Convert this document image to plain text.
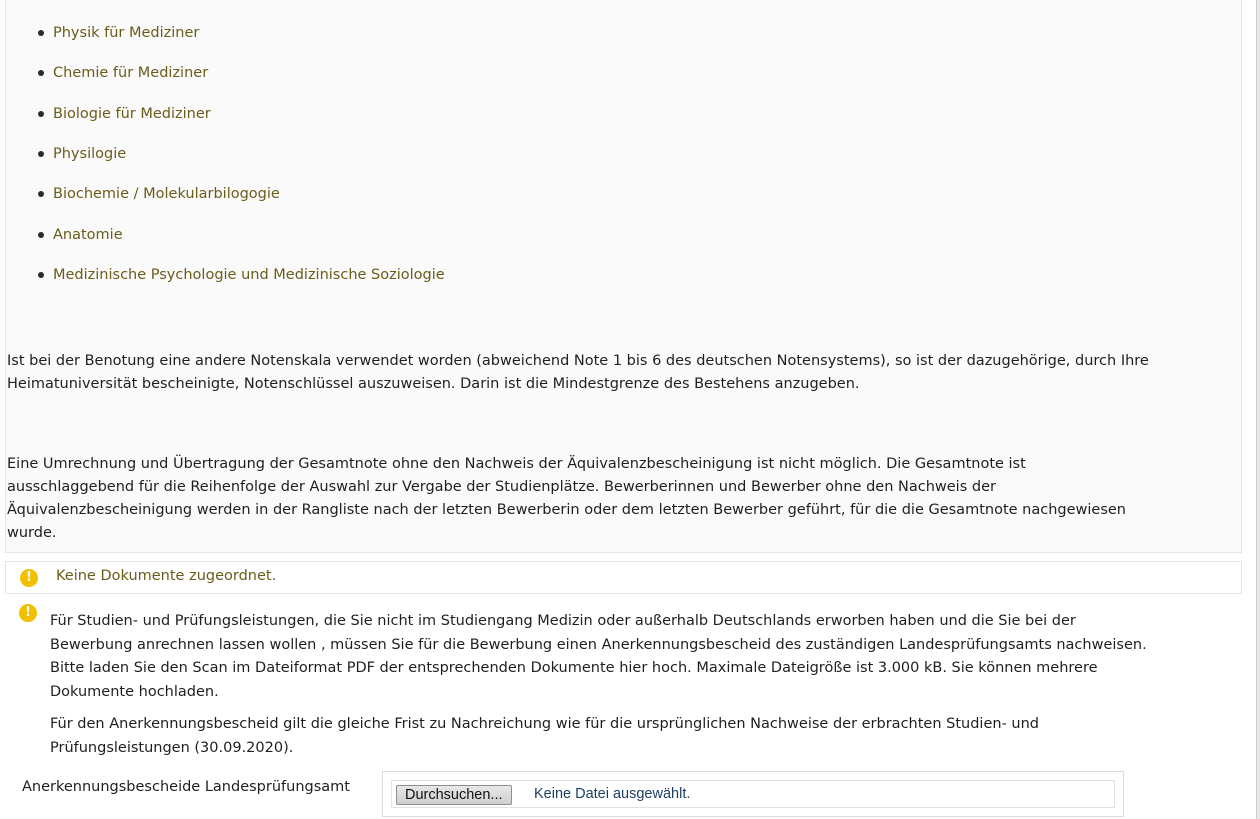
Physik für Mediziner
Chemie für Mediziner
Biologie für Mediziner
Physilogie
Biochemie / Molekularbilogogie
Anatomie
Medizinische Psychologie und Medizinische Soziologie
Ist bei der Benotung eine andere Notenskala verwendet worden (abweichend Note 1 bis 6 des deutschen Notensystems), so ist der dazugehörige, durch Ihre
Heimatuniversität bescheinigte, Notenschlüssel auszuweisen. Darin ist die Mindestgrenze des Bestehens anzugeben.
Eine Umrechnung und Übertragung der Gesamtnote ohne den Nachweis der Äquivalenzbescheinigung ist nicht möglich. Die Gesamtnote ist
ausschlaggebend für die Reihenfolge der Auswahl zur Vergabe der Studienplätze. Bewerberinnen und Bewerber ohne den Nachweis der
Äquivalenzbescheinigung werden in der Rangliste nach der letzten Bewerberin oder dem letzten Bewerber geführt, für die die Gesamtnote nachgewiesen
wurde.
!	Keine Dokumente zugeordnet.
!
Für Studien- und Prüfungsleistungen, die Sie nicht im Studiengang Medizin oder außerhalb Deutschlands erworben haben und die Sie bei der
Bewerbung anrechnen lassen wollen , müssen Sie für die Bewerbung einen Anerkennungsbescheid des zuständigen Landesprüfungsamts nachweisen.
Bitte laden Sie den Scan im Dateiformat PDF der entsprechenden Dokumente hier hoch. Maximale Dateigröße ist 3.000 kB. Sie können mehrere
Dokumente hochladen.
Für den Anerkennungsbescheid gilt die gleiche Frist zu Nachreichung wie für die ursprünglichen Nachweise der erbrachten Studien- und
Prüfungsleistungen (30.09.2020).
Anerkennungsbescheide Landesprüfungsamt	Durchsuchen...	Keine Datei ausgewählt.
